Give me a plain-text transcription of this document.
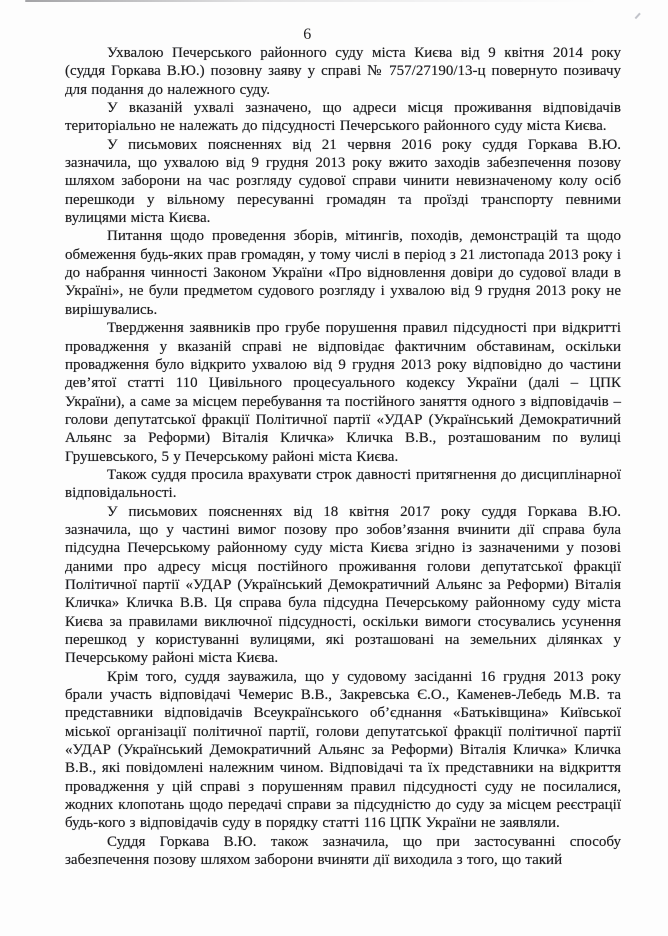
6

Ухвалою Печерського районного суду міста Києва від 9 квітня 2014 року (суддя Горкава В.Ю.) позовну заяву у справі № 757/27190/13-ц повернуто позивачу для подання до належного суду.

У вказаній ухвалі зазначено, що адреси місця проживання відповідачів територіально не належать до підсудності Печерського районного суду міста Києва.

У письмових поясненнях від 21 червня 2016 року суддя Горкава В.Ю. зазначила, що ухвалою від 9 грудня 2013 року вжито заходів забезпечення позову шляхом заборони на час розгляду судової справи чинити невизначеному колу осіб перешкоди у вільному пересуванні громадян та проїзді транспорту певними вулицями міста Києва.

Питання щодо проведення зборів, мітингів, походів, демонстрацій та щодо обмеження будь-яких прав громадян, у тому числі в період з 21 листопада 2013 року і до набрання чинності Законом України «Про відновлення довіри до судової влади в Україні», не були предметом судового розгляду і ухвалою від 9 грудня 2013 року не вирішувались.

Твердження заявників про грубе порушення правил підсудності при відкритті провадження у вказаній справі не відповідає фактичним обставинам, оскільки провадження було відкрито ухвалою від 9 грудня 2013 року відповідно до частини дев’ятої статті 110 Цивільного процесуального кодексу України (далі – ЦПК України), а саме за місцем перебування та постійного заняття одного з відповідачів – голови депутатської фракції Політичної партії «УДАР (Український Демократичний Альянс за Реформи) Віталія Кличка» Кличка В.В., розташованим по вулиці Грушевського, 5 у Печерському районі міста Києва.

Також суддя просила врахувати строк давності притягнення до дисциплінарної відповідальності.

У письмових поясненнях від 18 квітня 2017 року суддя Горкава В.Ю. зазначила, що у частині вимог позову про зобов’язання вчинити дії справа була підсудна Печерському районному суду міста Києва згідно із зазначеними у позові даними про адресу місця постійного проживання голови депутатської фракції Політичної партії «УДАР (Український Демократичний Альянс за Реформи) Віталія Кличка» Кличка В.В. Ця справа була підсудна Печерському районному суду міста Києва за правилами виключної підсудності, оскільки вимоги стосувались усунення перешкод у користуванні вулицями, які розташовані на земельних ділянках у Печерському районі міста Києва.

Крім того, суддя зауважила, що у судовому засіданні 16 грудня 2013 року брали участь відповідачі Чемерис В.В., Закревська Є.О., Каменев-Лебедь М.В. та представники відповідачів Всеукраїнського об’єднання «Батьківщина» Київської міської організації політичної партії, голови депутатської фракції політичної партії «УДАР (Український Демократичний Альянс за Реформи) Віталія Кличка» Кличка В.В., які повідомлені належним чином. Відповідачі та їх представники на відкриття провадження у цій справі з порушенням правил підсудності суду не посилалися, жодних клопотань щодо передачі справи за підсудністю до суду за місцем реєстрації будь-кого з відповідачів суду в порядку статті 116 ЦПК України не заявляли.

Суддя Горкава В.Ю. також зазначила, що при застосуванні способу забезпечення позову шляхом заборони вчиняти дії виходила з того, що такий
